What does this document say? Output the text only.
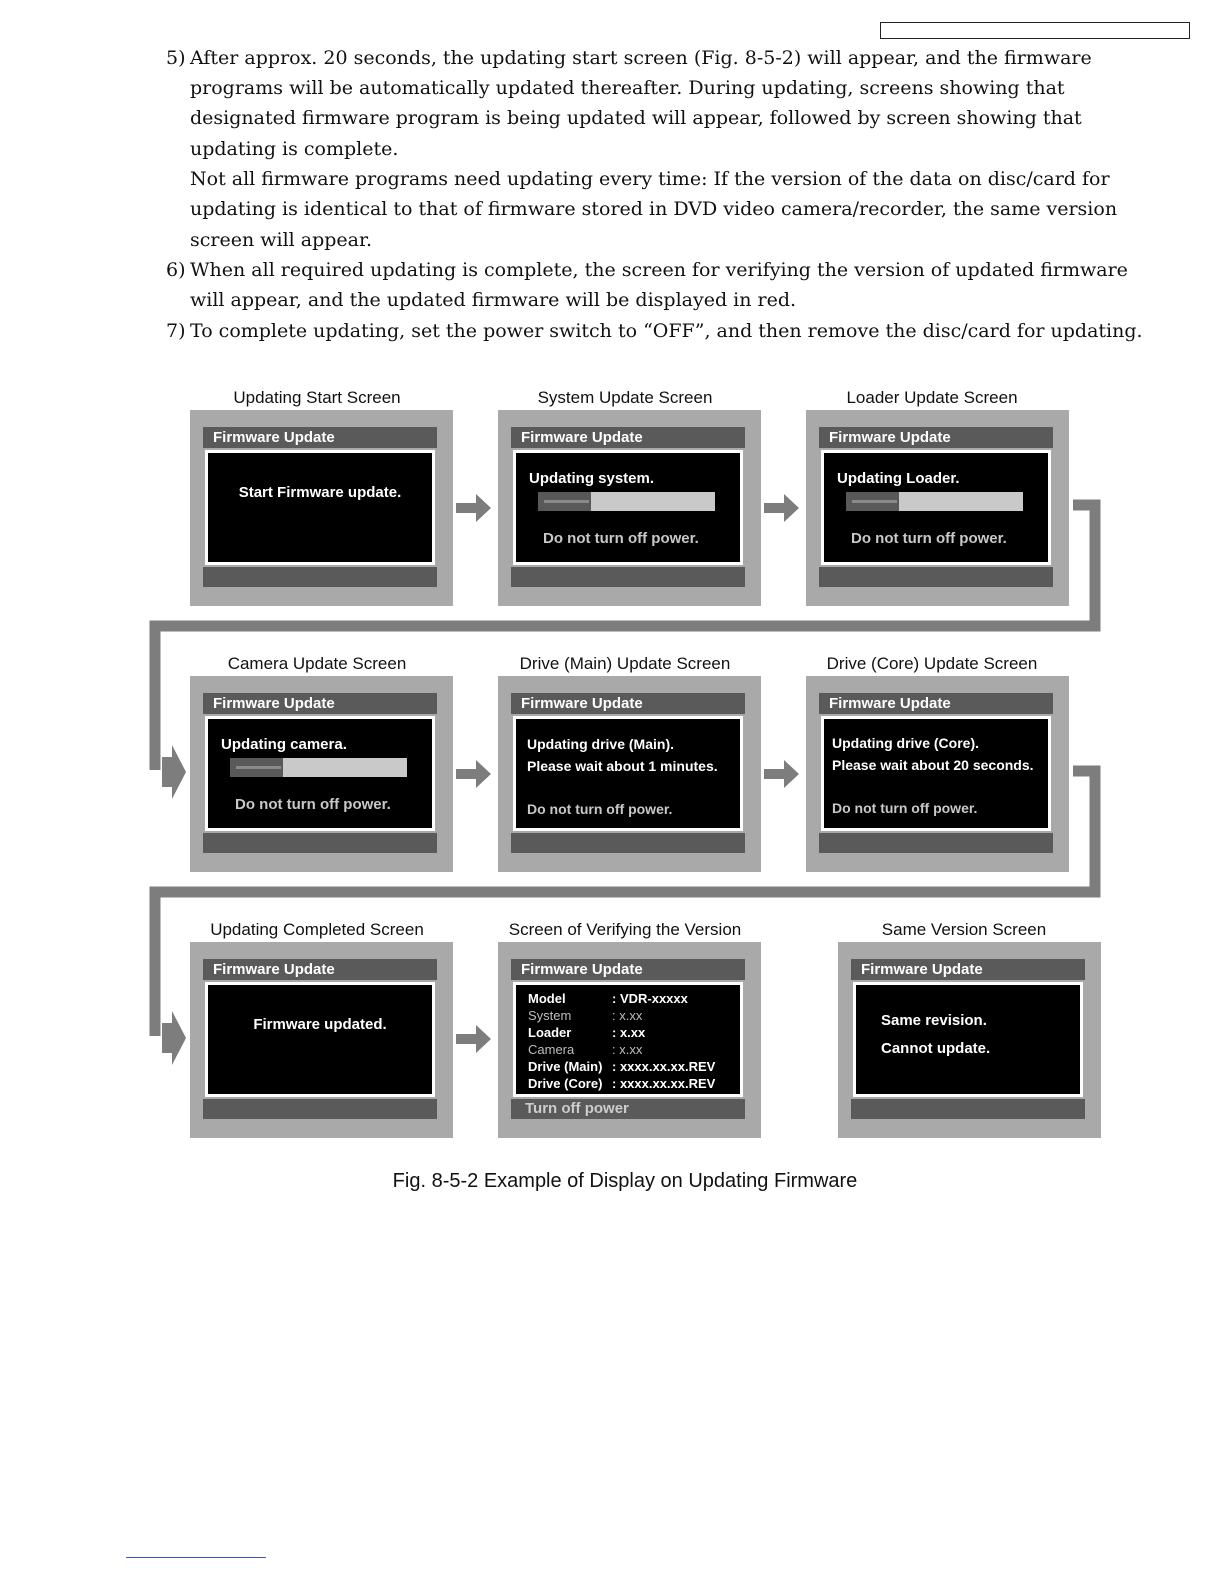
5) After approx. 20 seconds, the updating start screen (Fig. 8-5-2) will appear, and the firmware
programs will be automatically updated thereafter. During updating, screens showing that
designated firmware program is being updated will appear, followed by screen showing that
updating is complete.
Not all firmware programs need updating every time: If the version of the data on disc/card for
updating is identical to that of firmware stored in DVD video camera/recorder, the same version
screen will appear.
6) When all required updating is complete, the screen for verifying the version of updated firmware
will appear, and the updated firmware will be displayed in red.
7) To complete updating, set the power switch to “OFF”, and then remove the disc/card for updating.
Updating Start Screen
Firmware Update
Start Firmware update.
System Update Screen
Firmware Update
Updating system.
Do not turn off power.
Loader Update Screen
Firmware Update
Updating Loader.
Do not turn off power.
Camera Update Screen
Firmware Update
Updating camera.
Do not turn off power.
Drive (Main) Update Screen
Firmware Update
Updating drive (Main).
Please wait about 1 minutes.
Do not turn off power.
Drive (Core) Update Screen
Firmware Update
Updating drive (Core).
Please wait about 20 seconds.
Do not turn off power.
Updating Completed Screen
Firmware Update
Firmware updated.
Screen of Verifying the Version
Firmware Update
Model	: VDR-xxxxx
System	: x.xx
Loader	: x.xx
Camera	: x.xx
Drive (Main) : xxxx.xx.xx.REV
Drive (Core) : xxxx.xx.xx.REV
Turn off power
Same Version Screen
Firmware Update
Same revision.
Cannot update.
Fig. 8-5-2 Example of Display on Updating Firmware
